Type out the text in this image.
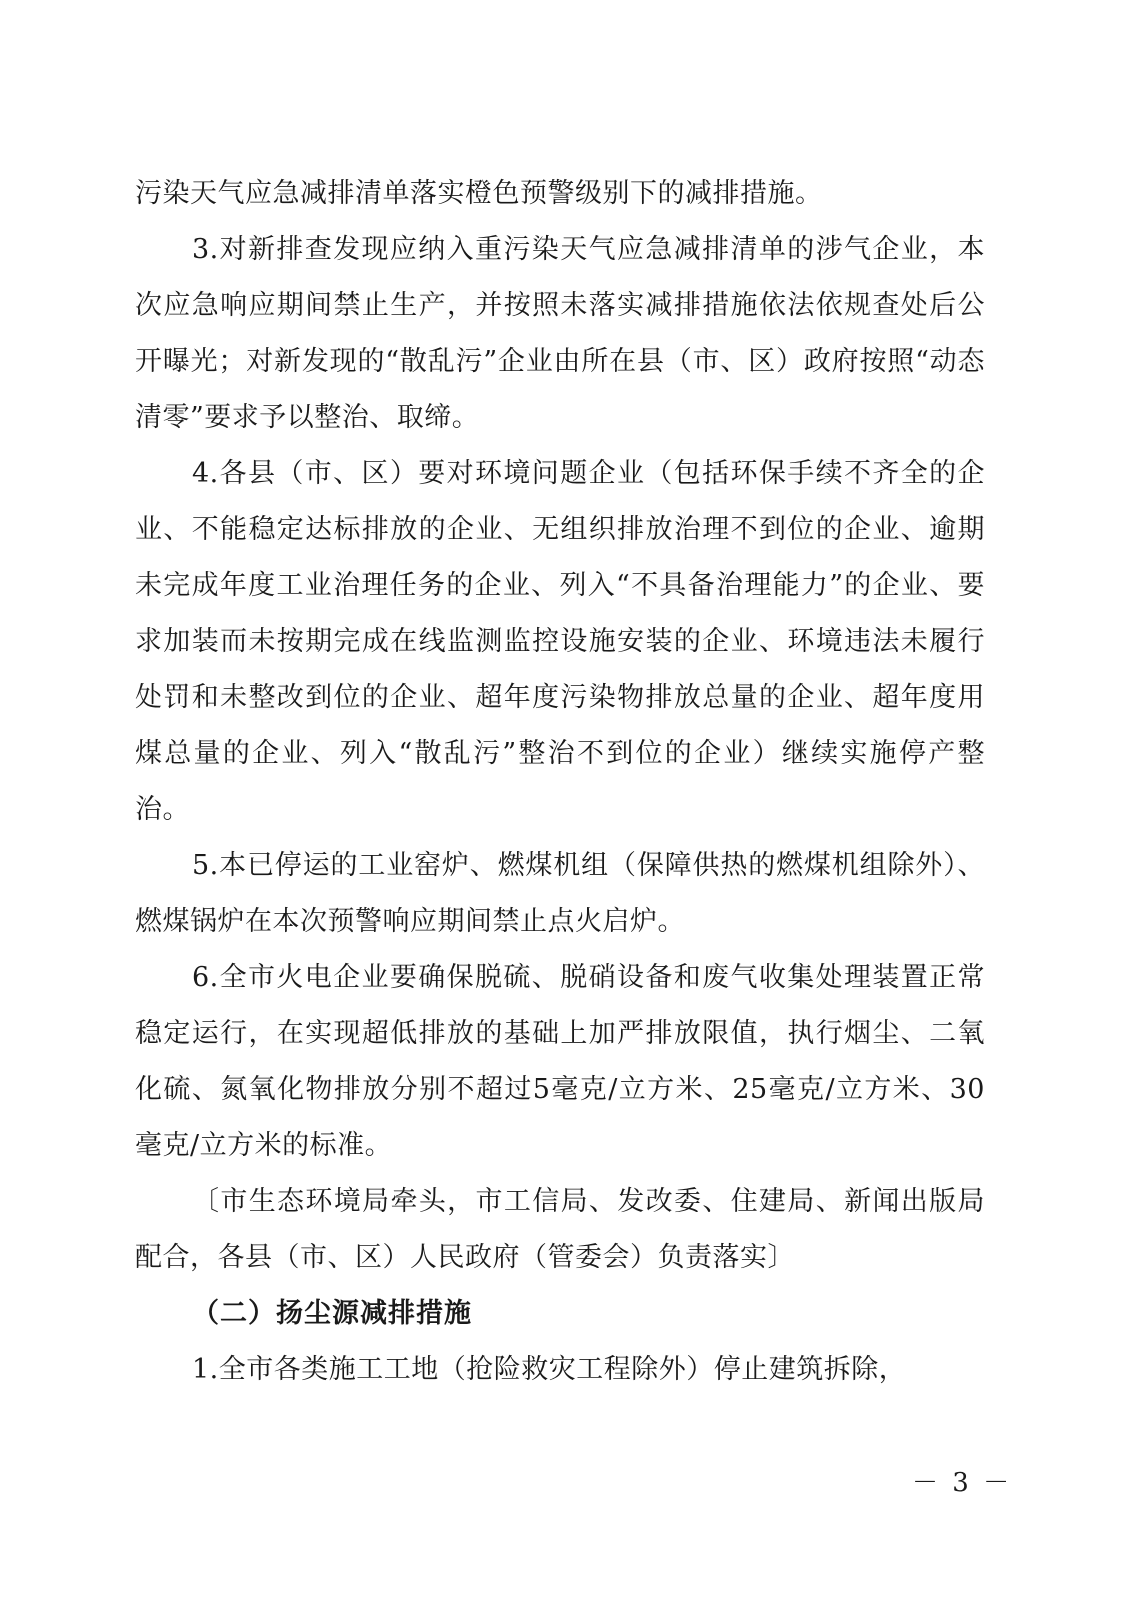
污染天气应急减排清单落实橙色预警级别下的减排措施。

3.对新排查发现应纳入重污染天气应急减排清单的涉气企业，本次应急响应期间禁止生产，并按照未落实减排措施依法依规查处后公开曝光；对新发现的“散乱污”企业由所在县（市、区）政府按照“动态清零”要求予以整治、取缔。

4.各县（市、区）要对环境问题企业（包括环保手续不齐全的企业、不能稳定达标排放的企业、无组织排放治理不到位的企业、逾期未完成年度工业治理任务的企业、列入“不具备治理能力”的企业、要求加装而未按期完成在线监测监控设施安装的企业、环境违法未履行处罚和未整改到位的企业、超年度污染物排放总量的企业、超年度用煤总量的企业、列入“散乱污”整治不到位的企业）继续实施停产整治。

5.本已停运的工业窑炉、燃煤机组（保障供热的燃煤机组除外）、燃煤锅炉在本次预警响应期间禁止点火启炉。

6.全市火电企业要确保脱硫、脱硝设备和废气收集处理装置正常稳定运行，在实现超低排放的基础上加严排放限值，执行烟尘、二氧化硫、氮氧化物排放分别不超过5毫克/立方米、25毫克/立方米、30毫克/立方米的标准。

〔市生态环境局牵头，市工信局、发改委、住建局、新闻出版局配合，各县（市、区）人民政府（管委会）负责落实〕

（二）扬尘源减排措施

1.全市各类施工工地（抢险救灾工程除外）停止建筑拆除，

－ 3 －
